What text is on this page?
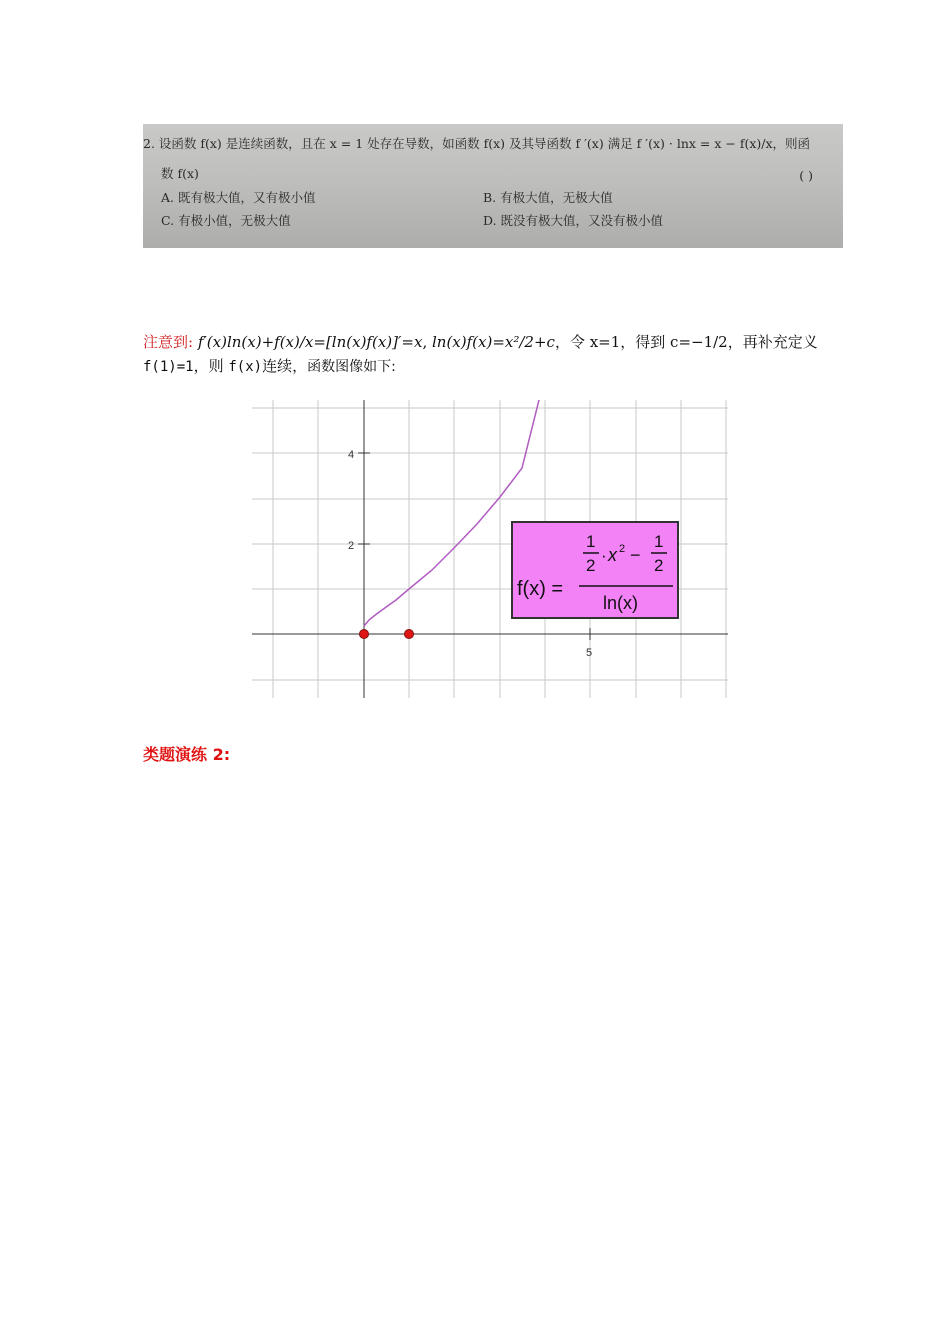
2. 设函数 f(x) 是连续函数，且在 x = 1 处存在导数，如函数 f(x) 及其导函数 f ′(x) 满足 f ′(x) · lnx = x − f(x)/x，则函
数 f(x)	( )
A. 既有极大值，又有极小值	B. 有极大值，无极大值
C. 有极小值，无极大值	D. 既没有极大值，又没有极小值
注意到: f′(x)ln(x)+f(x)/x=[ln(x)f(x)]′=x, ln(x)f(x)=x²/2+c，令 x=1，得到 c=−1/2，再补充定义 f(1)=1，则 f(x)连续，函数图像如下:
4
2
5
f(x) =
1
2
· x 2 −
1
2
ln(x)
类题演练 2:
